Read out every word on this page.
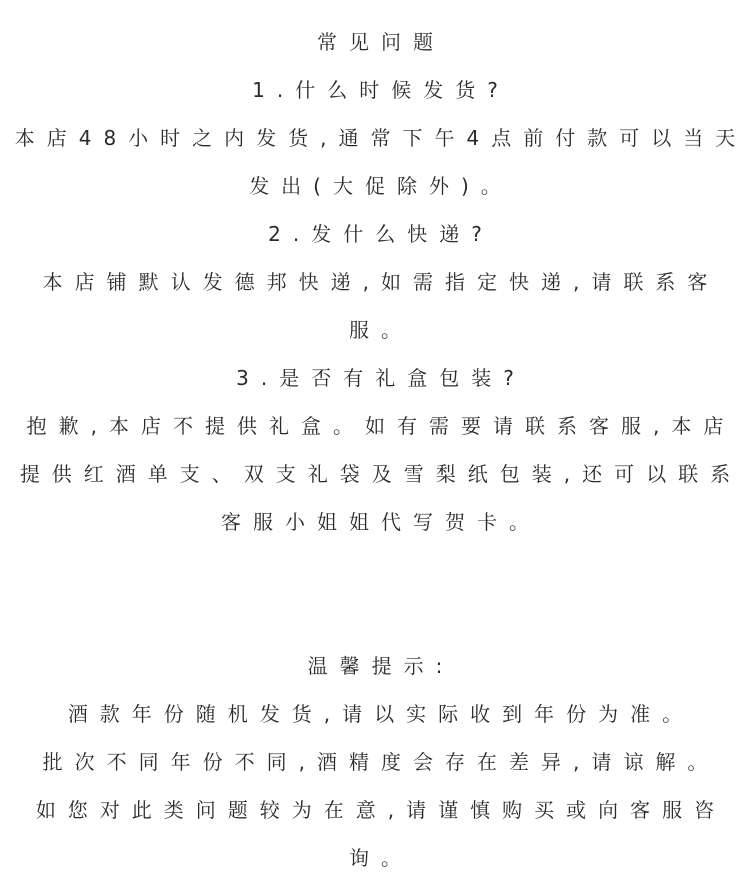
常见问题
1.什么时候发货?
本店48小时之内发货,通常下午4点前付款可以当天
发出(大促除外)。
2.发什么快递?
本店铺默认发德邦快递,如需指定快递,请联系客
服。
3.是否有礼盒包装?
抱歉,本店不提供礼盒。如有需要请联系客服,本店
提供红酒单支、双支礼袋及雪梨纸包装,还可以联系
客服小姐姐代写贺卡。
温馨提示:
酒款年份随机发货,请以实际收到年份为准。
批次不同年份不同,酒精度会存在差异,请谅解。
如您对此类问题较为在意,请谨慎购买或向客服咨
询。
